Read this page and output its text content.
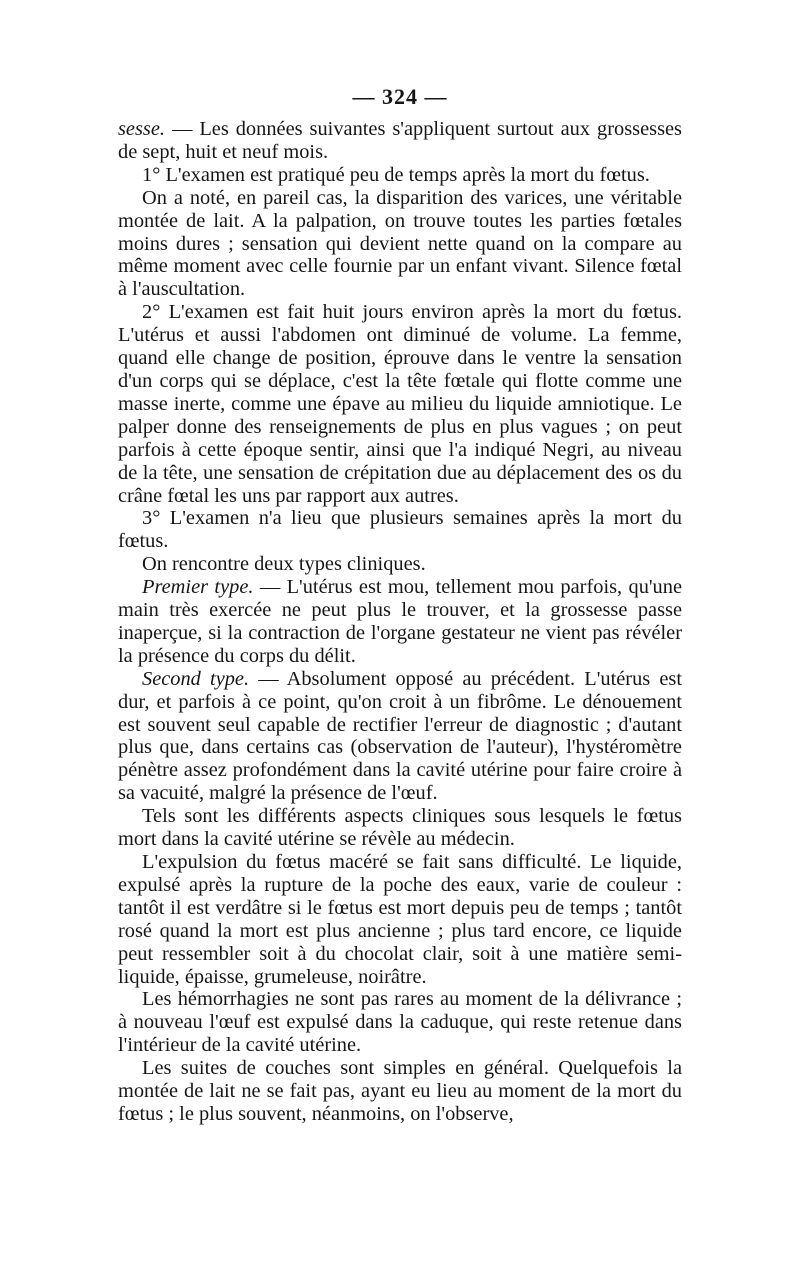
— 324 —

sesse. — Les données suivantes s'appliquent surtout aux grossesses de sept, huit et neuf mois.

1° L'examen est pratiqué peu de temps après la mort du fœtus.

On a noté, en pareil cas, la disparition des varices, une véritable montée de lait. A la palpation, on trouve toutes les parties fœtales moins dures ; sensation qui devient nette quand on la compare au même moment avec celle fournie par un enfant vivant. Silence fœtal à l'auscultation.

2° L'examen est fait huit jours environ après la mort du fœtus. L'utérus et aussi l'abdomen ont diminué de volume. La femme, quand elle change de position, éprouve dans le ventre la sensation d'un corps qui se déplace, c'est la tête fœtale qui flotte comme une masse inerte, comme une épave au milieu du liquide amniotique. Le palper donne des renseignements de plus en plus vagues ; on peut parfois à cette époque sentir, ainsi que l'a indiqué Negri, au niveau de la tête, une sensation de crépitation due au déplacement des os du crâne fœtal les uns par rapport aux autres.

3° L'examen n'a lieu que plusieurs semaines après la mort du fœtus.

On rencontre deux types cliniques.

Premier type. — L'utérus est mou, tellement mou parfois, qu'une main très exercée ne peut plus le trouver, et la grossesse passe inaperçue, si la contraction de l'organe gestateur ne vient pas révéler la présence du corps du délit.

Second type. — Absolument opposé au précédent. L'utérus est dur, et parfois à ce point, qu'on croit à un fibrôme. Le dénouement est souvent seul capable de rectifier l'erreur de diagnostic ; d'autant plus que, dans certains cas (observation de l'auteur), l'hystéromètre pénètre assez profondément dans la cavité utérine pour faire croire à sa vacuité, malgré la présence de l'œuf.

Tels sont les différents aspects cliniques sous lesquels le fœtus mort dans la cavité utérine se révèle au médecin.

L'expulsion du fœtus macéré se fait sans difficulté. Le liquide, expulsé après la rupture de la poche des eaux, varie de couleur : tantôt il est verdâtre si le fœtus est mort depuis peu de temps ; tantôt rosé quand la mort est plus ancienne ; plus tard encore, ce liquide peut ressembler soit à du chocolat clair, soit à une matière semi-liquide, épaisse, grumeleuse, noirâtre.

Les hémorrhagies ne sont pas rares au moment de la délivrance ; à nouveau l'œuf est expulsé dans la caduque, qui reste retenue dans l'intérieur de la cavité utérine.

Les suites de couches sont simples en général. Quelquefois la montée de lait ne se fait pas, ayant eu lieu au moment de la mort du fœtus ; le plus souvent, néanmoins, on l'observe,
